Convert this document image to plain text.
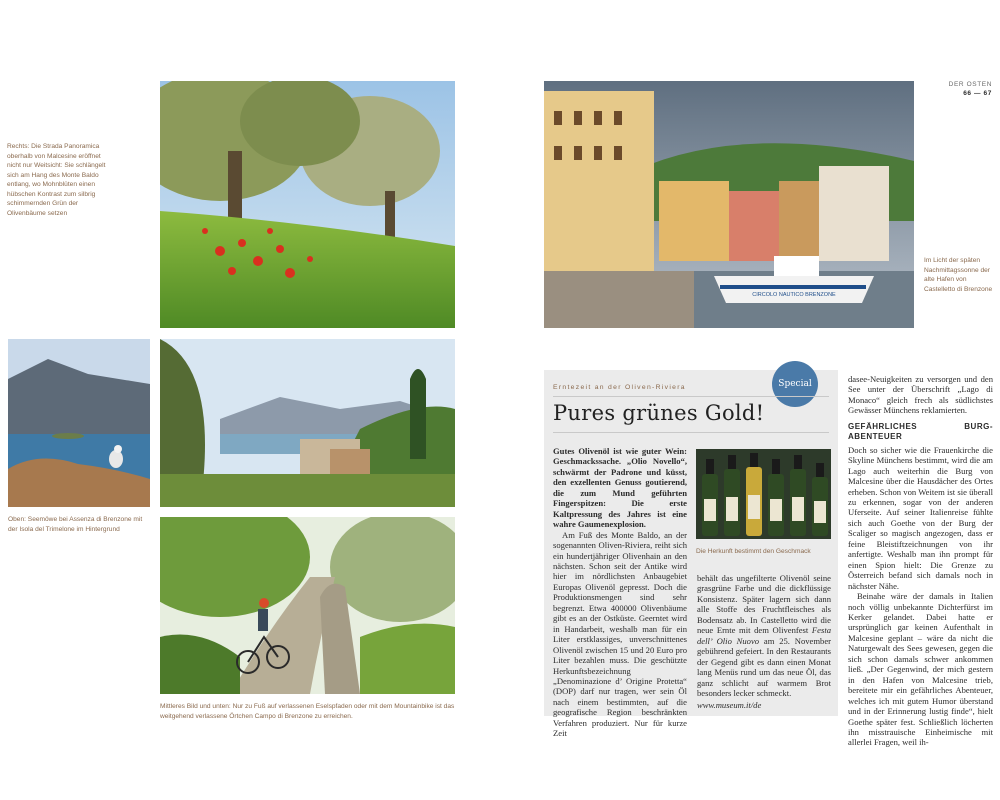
DER OSTEN
66 — 67
Rechts: Die Strada Panoramica oberhalb von Malcesine eröffnet nicht nur Weitsicht: Sie schlängelt sich am Hang des Monte Baldo entlang, wo Mohnblüten einen hübschen Kontrast zum silbrig schimmernden Grün der Olivenbäume setzen
CIRCOLO NAUTICO BRENZONE
Im Licht der späten Nachmittagssonne der alte Hafen von Castelletto di Brenzone
Oben: Seemöwe bei Assenza di Brenzone mit der Isola del Trimelone im Hintergrund
Mittleres Bild und unten: Nur zu Fuß auf verlassenen Eselspfaden oder mit dem Mountainbike ist das weitgehend verlassene Örtchen Campo di Brenzone zu erreichen.
Special
Erntezeit an der Oliven-Riviera
Pures grünes Gold!

Gutes Olivenöl ist wie guter Wein: Geschmackssache. „Olio Novello“, schwärmt der Padrone und küsst, den exzellenten Genuss goutierend, die zum Mund geführten Fingerspitzen: Die erste Kaltpressung des Jahres ist eine wahre Gaumenexplosion.

Am Fuß des Monte Baldo, an der sogenannten Oliven-Riviera, reiht sich ein hundertjähriger Olivenhain an den nächsten. Schon seit der Antike wird hier im nördlichsten Anbaugebiet Europas Olivenöl gepresst. Doch die Produktionsmengen sind sehr begrenzt. Etwa 400000 Olivenbäume gibt es an der Ostküste. Geerntet wird in Handarbeit, weshalb man für ein Liter erstklassiges, unverschnittenes Olivenöl zwischen 15 und 20 Euro pro Liter bezahlen muss. Die geschützte Herkunftsbezeichnung „Denominazione d’ Origine Protetta“ (DOP) darf nur tragen, wer sein Öl nach einem bestimmten, auf die geografische Region beschränkten Verfahren produziert. Nur für kurze Zeit

Die Herkunft bestimmt den Geschmack

behält das ungefilterte Olivenöl seine grasgrüne Farbe und die dickflüssige Konsistenz. Später lagern sich dann alle Stoffe des Fruchtfleisches als Bodensatz ab. In Castelletto wird die neue Ernte mit dem Olivenfest Festa dell’ Olio Nuovo am 25. November gebührend gefeiert. In den Restaurants der Gegend gibt es dann einen Monat lang Menüs rund um das neue Öl, das ganz schlicht auf warmem Brot besonders lecker schmeckt.

www.museum.it/de

dasee-Neuigkeiten zu versorgen und den See unter der Überschrift „Lago di Monaco“ gleich frech als südlichstes Gewässer Münchens reklamierten.

GEFÄHRLICHES BURG-ABENTEUER

Doch so sicher wie die Frauenkirche die Skyline Münchens bestimmt, wird die am Lago auch weiterhin die Burg von Malcesine über die Hausdächer des Ortes erheben. Schon von Weitem ist sie überall zu erkennen, sogar von der anderen Uferseite. Auf seiner Italienreise fühlte sich auch Goethe von der Burg der Scaliger so magisch angezogen, dass er feine Bleistiftzeichnungen von ihr anfertigte. Weshalb man ihn prompt für einen Spion hielt: Die Grenze zu Österreich befand sich damals noch in nächster Nähe.

Beinahe wäre der damals in Italien noch völlig unbekannte Dichterfürst im Kerker gelandet. Dabei hatte er ursprünglich gar keinen Aufenthalt in Malcesine geplant – wäre da nicht die Naturgewalt des Sees gewesen, gegen die sich schon damals schwer ankommen ließ. „Der Gegenwind, der mich gestern in den Hafen von Malcesine trieb, bereitete mir ein gefährliches Abenteuer, welches ich mit gutem Humor überstand und in der Erinnerung lustig finde“, hielt Goethe später fest. Schließlich löcherten ihn misstrauische Einheimische mit allerlei Fragen, weil ih-
